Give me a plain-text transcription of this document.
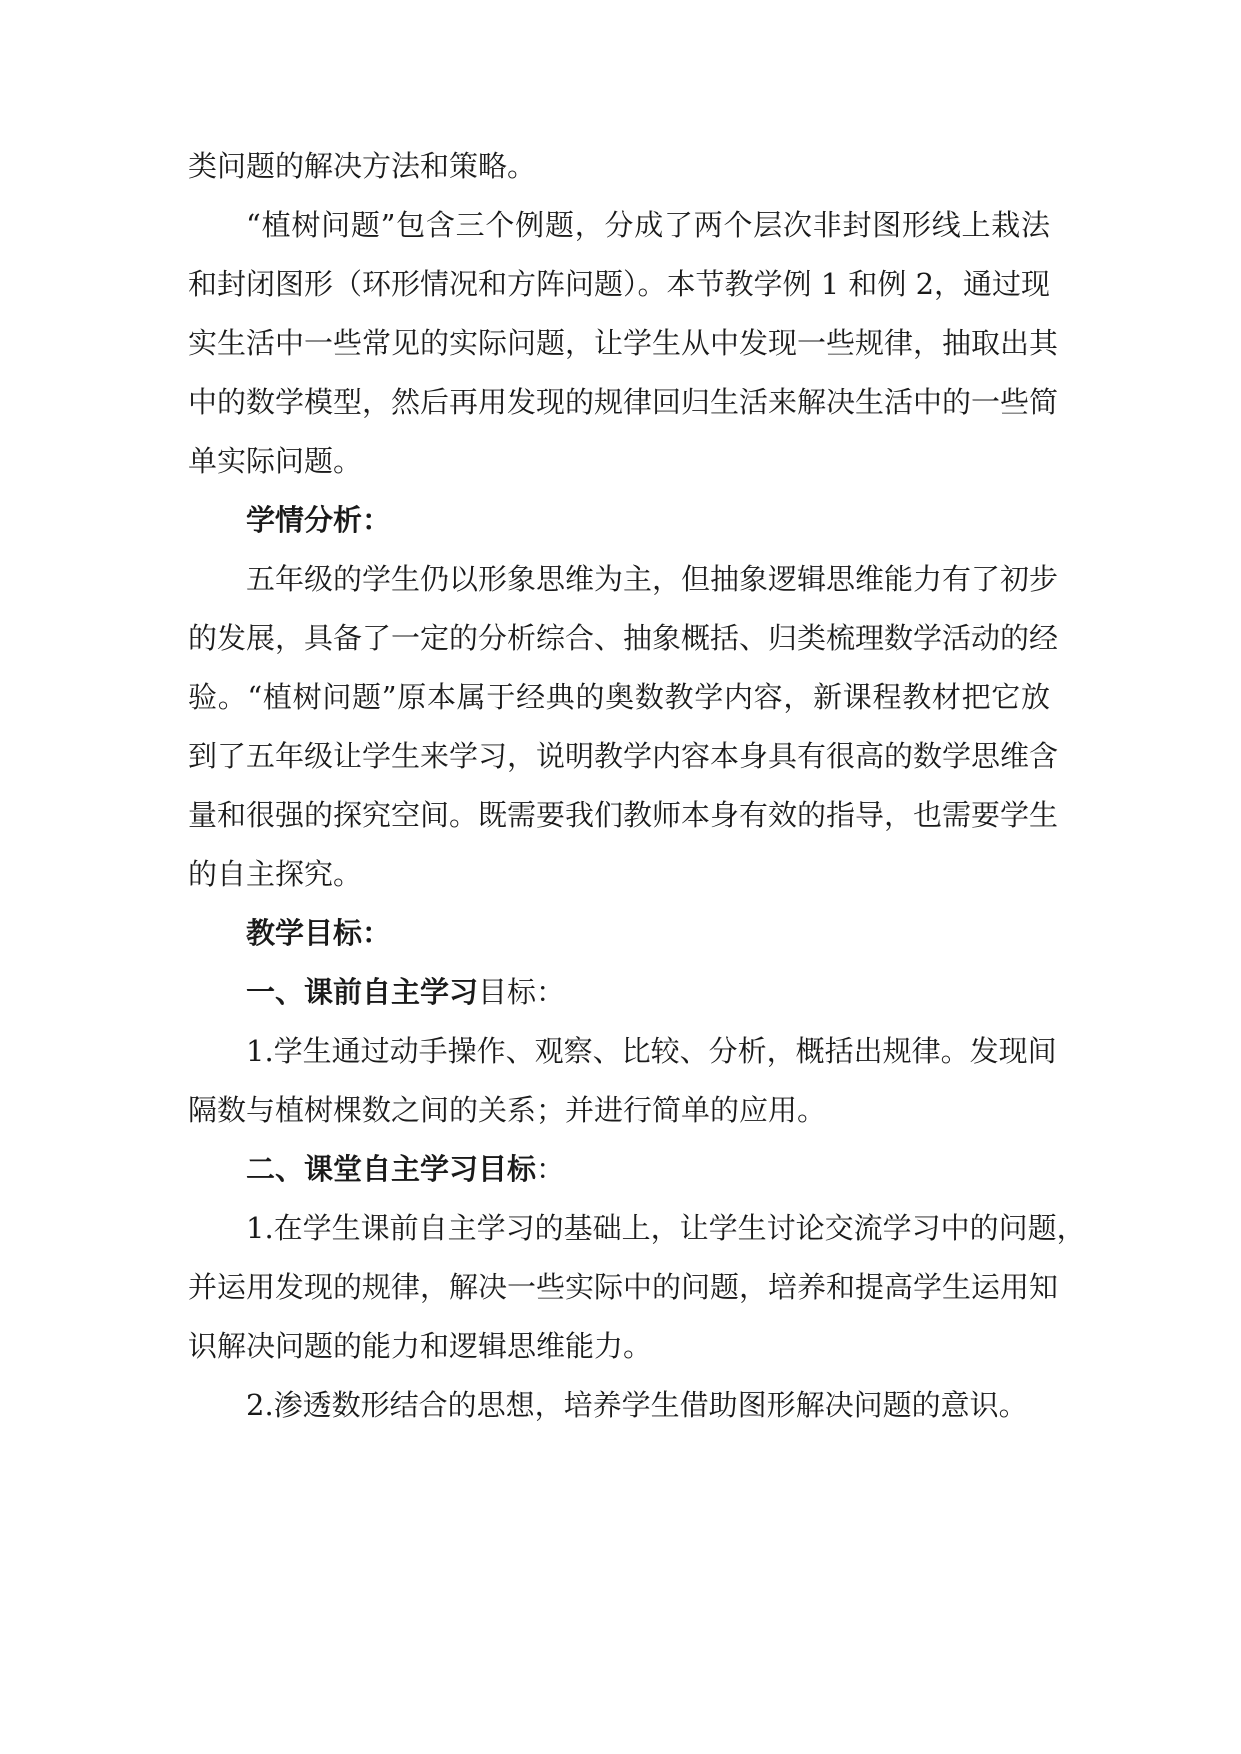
类问题的解决方法和策略。
“植树问题”包含三个例题，分成了两个层次非封图形线上栽法
和封闭图形（环形情况和方阵问题）。本节教学例 1 和例 2，通过现
实生活中一些常见的实际问题，让学生从中发现一些规律，抽取出其
中的数学模型，然后再用发现的规律回归生活来解决生活中的一些简
单实际问题。
学情分析：
五年级的学生仍以形象思维为主，但抽象逻辑思维能力有了初步
的发展，具备了一定的分析综合、抽象概括、归类梳理数学活动的经
验。“植树问题”原本属于经典的奥数教学内容，新课程教材把它放
到了五年级让学生来学习，说明教学内容本身具有很高的数学思维含
量和很强的探究空间。既需要我们教师本身有效的指导，也需要学生
的自主探究。
教学目标：
一、课前自主学习目标：
1.学生通过动手操作、观察、比较、分析，概括出规律。发现间
隔数与植树棵数之间的关系；并进行简单的应用。
二、课堂自主学习目标：
1.在学生课前自主学习的基础上，让学生讨论交流学习中的问题，
并运用发现的规律，解决一些实际中的问题，培养和提高学生运用知
识解决问题的能力和逻辑思维能力。
2.渗透数形结合的思想，培养学生借助图形解决问题的意识。
